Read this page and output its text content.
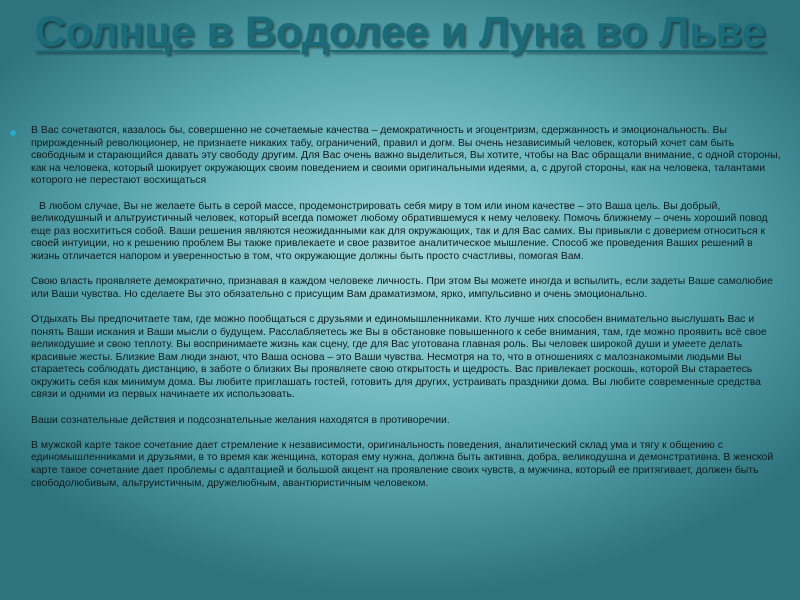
Солнце в Водолее и Луна во Льве
● В Вас сочетаются, казалось бы, совершенно не сочетаемые качества – демократичность и эгоцентризм, сдержанность и эмоциональность. Вы прирожденный революционер, не признаете никаких табу, ограничений, правил и догм. Вы очень независимый человек, который хочет сам быть свободным и старающийся давать эту свободу другим. Для Вас очень важно выделиться, Вы хотите, чтобы на Вас обращали внимание, с одной стороны, как на человека, который шокирует окружающих своим поведением и своими оригинальными идеями, а, с другой стороны, как на человека, талантами которого не перестают восхищаться

В любом случае, Вы не желаете быть в серой массе, продемонстрировать себя миру в том или ином качестве – это Ваша цель. Вы добрый, великодушный и альтруистичный человек, который всегда поможет любому обратившемуся к нему человеку. Помочь ближнему – очень хороший повод еще раз восхититься собой. Ваши решения являются неожиданными как для окружающих, так и для Вас самих. Вы привыкли с доверием относиться к своей интуиции, но к решению проблем Вы также привлекаете и свое развитое аналитическое мышление. Способ же проведения Ваших решений в жизнь отличается напором и уверенностью в том, что окружающие должны быть просто счастливы, помогая Вам.

Свою власть проявляете демократично, признавая в каждом человеке личность. При этом Вы можете иногда и вспылить, если задеты Ваше самолюбие или Ваши чувства. Но сделаете Вы это обязательно с присущим Вам драматизмом, ярко, импульсивно и очень эмоционально.

Отдыхать Вы предпочитаете там, где можно пообщаться с друзьями и единомышленниками. Кто лучше них способен внимательно выслушать Вас и понять Ваши искания и Ваши мысли о будущем. Расслабляетесь же Вы в обстановке повышенного к себе внимания, там, где можно проявить всё свое великодушие и свою теплоту. Вы воспринимаете жизнь как сцену, где для Вас уготована главная роль. Вы человек широкой души и умеете делать красивые жесты. Близкие Вам люди знают, что Ваша основа – это Ваши чувства. Несмотря на то, что в отношениях с малознакомыми людьми Вы стараетесь соблюдать дистанцию, в заботе о близких Вы проявляете свою открытость и щедрость. Вас привлекает роскошь, которой Вы стараетесь окружить себя как минимум дома. Вы любите приглашать гостей, готовить для других, устраивать праздники дома. Вы любите современные средства связи и одними из первых начинаете их использовать.

Ваши сознательные действия и подсознательные желания находятся в противоречии.

В мужской карте такое сочетание дает стремление к независимости, оригинальность поведения, аналитический склад ума и тягу к общению с единомышленниками и друзьями, в то время как женщина, которая ему нужна, должна быть активна, добра, великодушна и демонстративна. В женской карте такое сочетание дает проблемы с адаптацией и большой акцент на проявление своих чувств, а мужчина, который ее притягивает, должен быть свободолюбивым, альтруистичным, дружелюбным, авантюристичным человеком.
